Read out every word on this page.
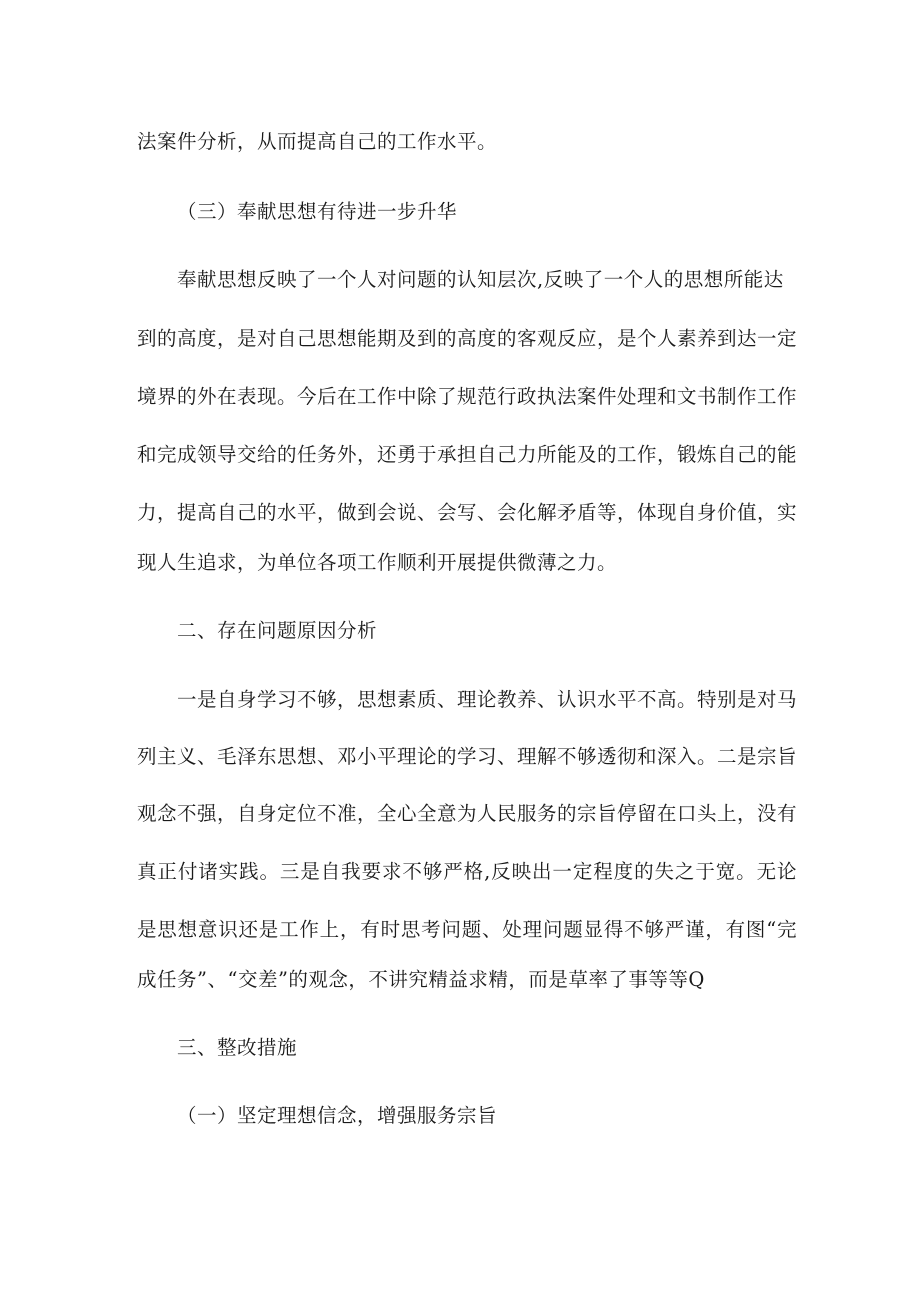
法案件分析，从而提高自己的工作水平。
（三）奉献思想有待进一步升华
奉献思想反映了一个人对问题的认知层次,反映了一个人的思想所能达
到的高度，是对自己思想能期及到的高度的客观反应，是个人素养到达一定
境界的外在表现。今后在工作中除了规范行政执法案件处理和文书制作工作
和完成领导交给的任务外，还勇于承担自己力所能及的工作，锻炼自己的能
力，提高自己的水平，做到会说、会写、会化解矛盾等，体现自身价值，实
现人生追求，为单位各项工作顺利开展提供微薄之力。
二、存在问题原因分析
一是自身学习不够，思想素质、理论教养、认识水平不高。特别是对马
列主义、毛泽东思想、邓小平理论的学习、理解不够透彻和深入。二是宗旨
观念不强，自身定位不准，全心全意为人民服务的宗旨停留在口头上，没有
真正付诸实践。三是自我要求不够严格,反映出一定程度的失之于宽。无论
是思想意识还是工作上，有时思考问题、处理问题显得不够严谨，有图“完
成任务”、“交差”的观念，不讲究精益求精，而是草率了事等等Q
三、整改措施
（一）坚定理想信念，增强服务宗旨
